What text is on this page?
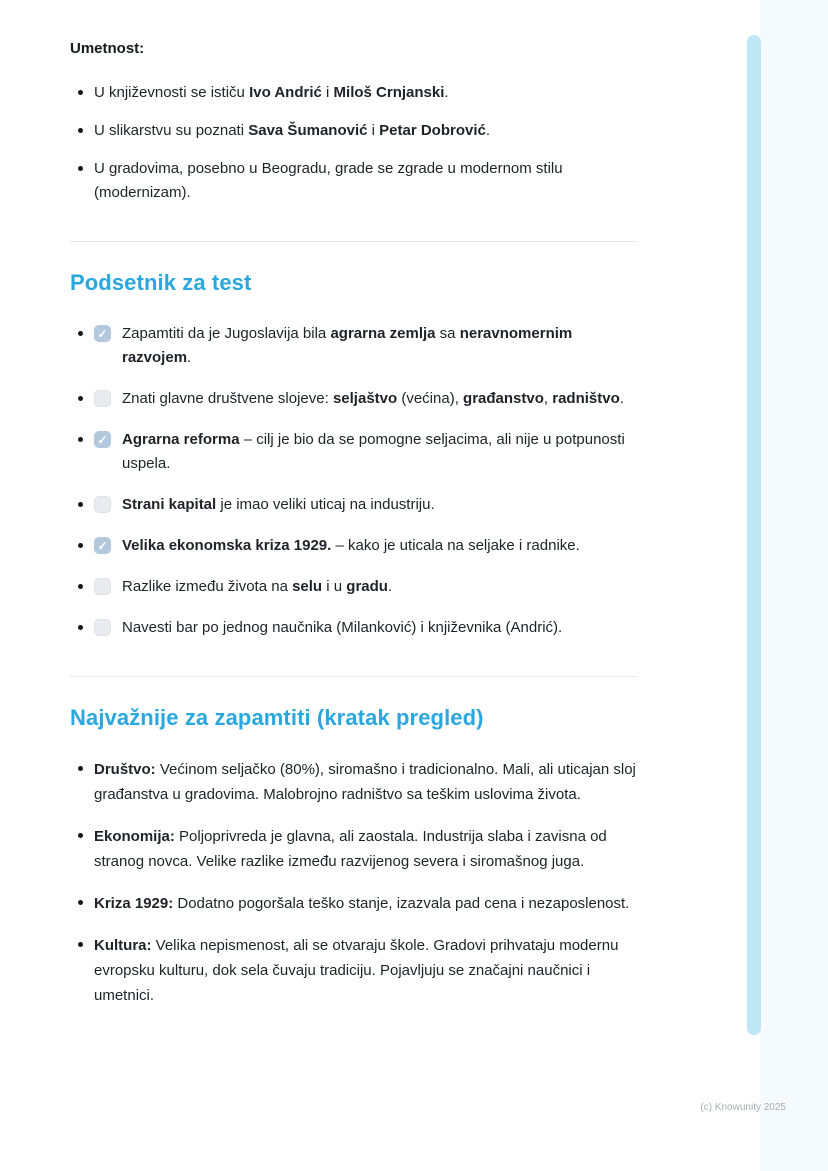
Umetnost:
U književnosti se ističu Ivo Andrić i Miloš Crnjanski.
U slikarstvu su poznati Sava Šumanović i Petar Dobrović.
U gradovima, posebno u Beogradu, grade se zgrade u modernom stilu (modernizam).
Podsetnik za test
✓ Zapamtiti da je Jugoslavija bila agrarna zemlja sa neravnomernim razvojem.
Znati glavne društvene slojeve: seljaštvo (većina), građanstvo, radništvo.
✓ Agrarna reforma – cilj je bio da se pomogne seljacima, ali nije u potpunosti uspela.
Strani kapital je imao veliki uticaj na industriju.
✓ Velika ekonomska kriza 1929. – kako je uticala na seljake i radnike.
Razlike između života na selu i u gradu.
Navesti bar po jednog naučnika (Milanković) i književnika (Andrić).
Najvažnije za zapamtiti (kratak pregled)
Društvo: Većinom seljačko (80%), siromašno i tradicionalno. Mali, ali uticajan sloj građanstva u gradovima. Malobrojno radništvo sa teškim uslovima života.
Ekonomija: Poljoprivreda je glavna, ali zaostala. Industrija slaba i zavisna od stranog novca. Velike razlike između razvijenog severa i siromašnog juga.
Kriza 1929: Dodatno pogoršala teško stanje, izazvala pad cena i nezaposlenost.
Kultura: Velika nepismenost, ali se otvaraju škole. Gradovi prihvataju modernu evropsku kulturu, dok sela čuvaju tradiciju. Pojavljuju se značajni naučnici i umetnici.
(c) Knowunity 2025
